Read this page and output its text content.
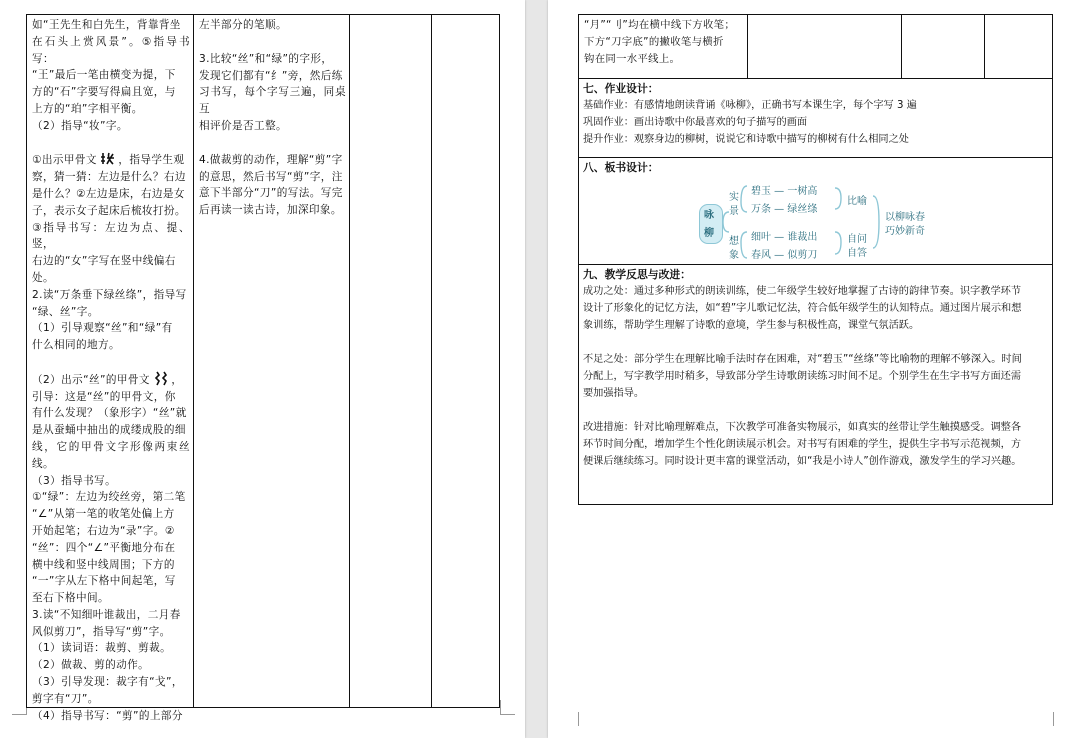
如“王先生和白先生，背靠背坐

在石头上赏风景”。⑤指导书写：

“王”最后一笔由横变为提，下

方的“石”字要写得扁且宽，与

上方的“珀”字相平衡。

（2）指导“妆”字。

①出示甲骨文  ，指导学生观

察，猜一猜：左边是什么？右边

是什么？②左边是床，右边是女

子，表示女子起床后梳妆打扮。

③指导书写：左边为点、提、竖，

右边的“女”字写在竖中线偏右

处。

2.读“万条垂下绿丝绦”，指导写

“绿、丝”字。

（1）引导观察“丝”和“绿”有

什么相同的地方。

（2）出示“丝”的甲骨文  ，

引导：这是“丝”的甲骨文，你

有什么发现？（象形字）“丝”就

是从蚕蛹中抽出的成缕成股的细

线，它的甲骨文字形像两束丝线。

（3）指导书写。

①“绿”：左边为绞丝旁，第二笔

“∠”从第一笔的收笔处偏上方

开始起笔；右边为“录”字。②

“丝”：四个“∠”平衡地分布在

横中线和竖中线周围；下方的

“一”字从左下格中间起笔，写

至右下格中间。

3.读“不知细叶谁裁出，二月春

风似剪刀”，指导写“剪”字。

（1）读词语：裁剪、剪裁。

（2）做裁、剪的动作。

（3）引导发现：裁字有“戈”，

剪字有“刀”。

（4）指导书写：“剪”的上部分

左半部分的笔顺。

3.比较“丝”和“绿”的字形，

发现它们都有“纟”旁，然后练

习书写，每个字写三遍，同桌互

相评价是否工整。

4.做裁剪的动作，理解“剪”字

的意思，然后书写“剪”字，注

意下半部分“刀”的写法。写完

后再读一读古诗，加深印象。

“月”“刂”均在横中线下方收笔；

下方“刀字底”的撇收笔与横折

钩在同一水平线上。

七、作业设计：

基础作业：有感情地朗读背诵《咏柳》，正确书写本课生字，每个字写 3 遍

巩固作业：画出诗歌中你最喜欢的句子描写的画面

提升作业：观察身边的柳树，说说它和诗歌中描写的柳树有什么相同之处

八、板书设计：
咏
柳
实
景
想
象
碧玉 — 一树高
万条 — 绿丝绦
细叶 — 谁裁出
春风 — 似剪刀
比喻
自问
自答
以柳咏春
巧妙新奇
九、教学反思与改进：

成功之处：通过多种形式的朗读训练，使二年级学生较好地掌握了古诗的韵律节奏。识字教学环节

设计了形象化的记忆方法，如“碧”字儿歌记忆法，符合低年级学生的认知特点。通过图片展示和想

象训练，帮助学生理解了诗歌的意境，学生参与积极性高，课堂气氛活跃。

不足之处：部分学生在理解比喻手法时存在困难，对“碧玉”“丝绦”等比喻物的理解不够深入。时间

分配上，写字教学用时稍多，导致部分学生诗歌朗读练习时间不足。个别学生在生字书写方面还需

要加强指导。

改进措施：针对比喻理解难点，下次教学可准备实物展示，如真实的丝带让学生触摸感受。调整各

环节时间分配，增加学生个性化朗读展示机会。对书写有困难的学生，提供生字书写示范视频，方

便课后继续练习。同时设计更丰富的课堂活动，如“我是小诗人”创作游戏，激发学生的学习兴趣。
